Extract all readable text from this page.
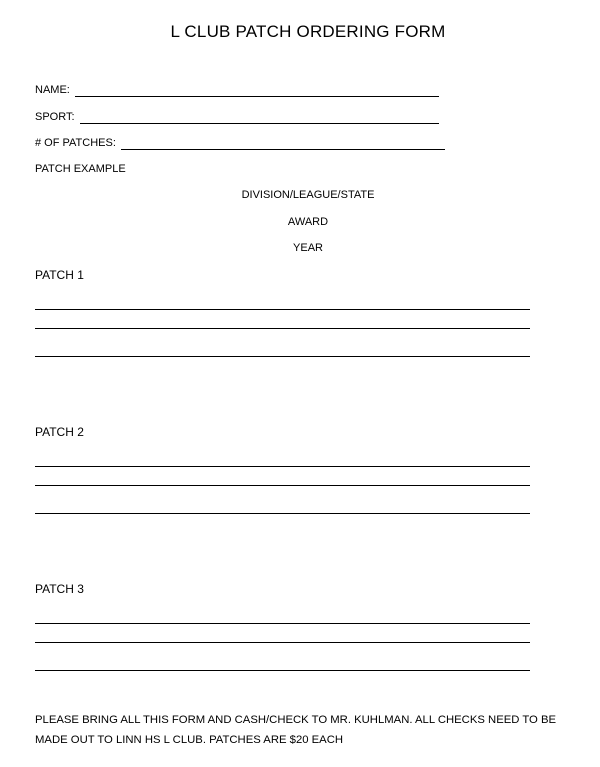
L CLUB PATCH ORDERING FORM
NAME:
SPORT:
# OF PATCHES:
PATCH EXAMPLE
DIVISION/LEAGUE/STATE
AWARD
YEAR
PATCH 1
PATCH 2
PATCH 3
PLEASE BRING ALL THIS FORM AND CASH/CHECK TO MR. KUHLMAN. ALL CHECKS NEED TO BE
MADE OUT TO LINN HS L CLUB. PATCHES ARE $20 EACH
